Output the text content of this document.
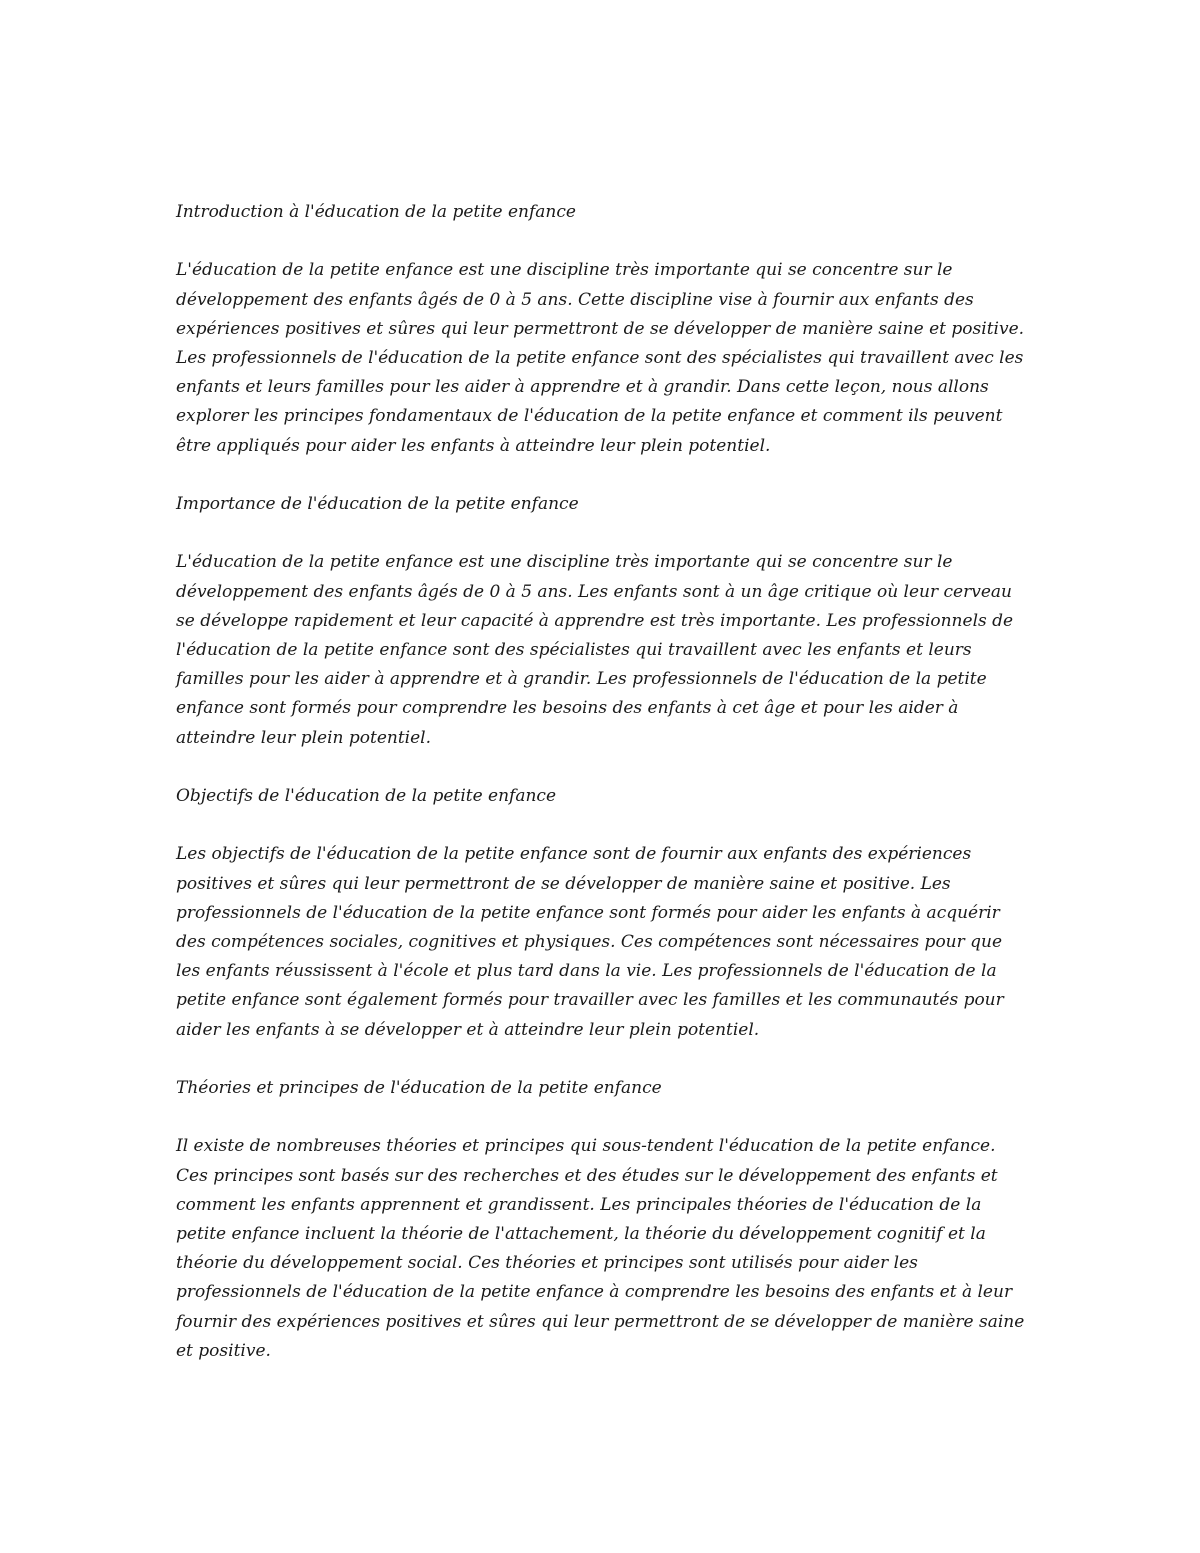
Introduction à l'éducation de la petite enfance

L'éducation de la petite enfance est une discipline très importante qui se concentre sur le développement des enfants âgés de 0 à 5 ans. Cette discipline vise à fournir aux enfants des expériences positives et sûres qui leur permettront de se développer de manière saine et positive. Les professionnels de l'éducation de la petite enfance sont des spécialistes qui travaillent avec les enfants et leurs familles pour les aider à apprendre et à grandir. Dans cette leçon, nous allons explorer les principes fondamentaux de l'éducation de la petite enfance et comment ils peuvent être appliqués pour aider les enfants à atteindre leur plein potentiel.

Importance de l'éducation de la petite enfance

L'éducation de la petite enfance est une discipline très importante qui se concentre sur le développement des enfants âgés de 0 à 5 ans. Les enfants sont à un âge critique où leur cerveau se développe rapidement et leur capacité à apprendre est très importante. Les professionnels de l'éducation de la petite enfance sont des spécialistes qui travaillent avec les enfants et leurs familles pour les aider à apprendre et à grandir. Les professionnels de l'éducation de la petite enfance sont formés pour comprendre les besoins des enfants à cet âge et pour les aider à atteindre leur plein potentiel.

Objectifs de l'éducation de la petite enfance

Les objectifs de l'éducation de la petite enfance sont de fournir aux enfants des expériences positives et sûres qui leur permettront de se développer de manière saine et positive. Les professionnels de l'éducation de la petite enfance sont formés pour aider les enfants à acquérir des compétences sociales, cognitives et physiques. Ces compétences sont nécessaires pour que les enfants réussissent à l'école et plus tard dans la vie. Les professionnels de l'éducation de la petite enfance sont également formés pour travailler avec les familles et les communautés pour aider les enfants à se développer et à atteindre leur plein potentiel.

Théories et principes de l'éducation de la petite enfance

Il existe de nombreuses théories et principes qui sous-tendent l'éducation de la petite enfance. Ces principes sont basés sur des recherches et des études sur le développement des enfants et comment les enfants apprennent et grandissent. Les principales théories de l'éducation de la petite enfance incluent la théorie de l'attachement, la théorie du développement cognitif et la théorie du développement social. Ces théories et principes sont utilisés pour aider les professionnels de l'éducation de la petite enfance à comprendre les besoins des enfants et à leur fournir des expériences positives et sûres qui leur permettront de se développer de manière saine et positive.
